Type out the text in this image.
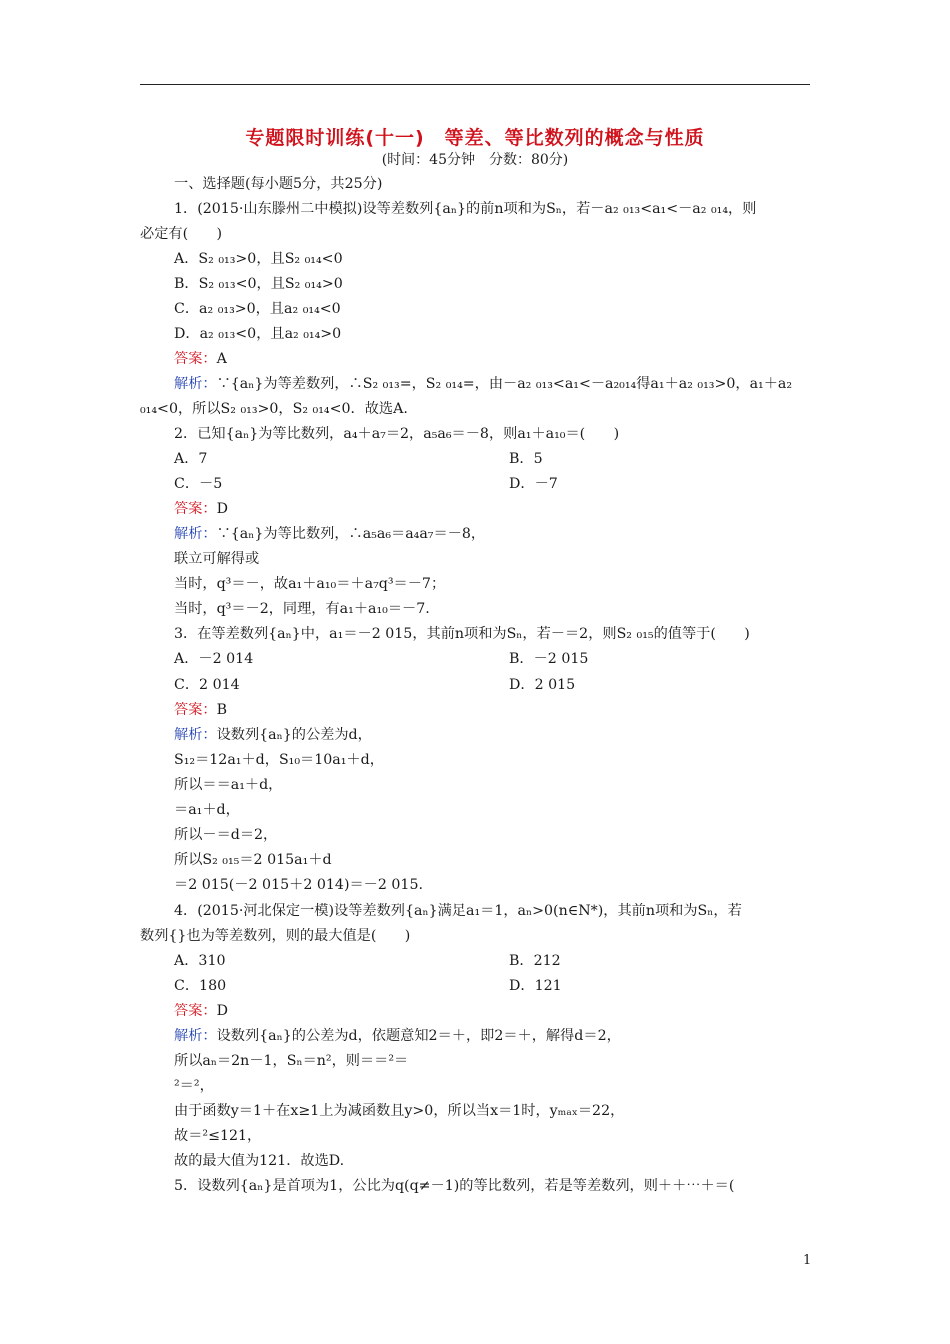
专题限时训练(十一)　等差、等比数列的概念与性质
(时间：45分钟　分数：80分)
一、选择题(每小题5分，共25分)
1．(2015·山东滕州二中模拟)设等差数列{aₙ}的前n项和为Sₙ，若－a₂ ₀₁₃<a₁<－a₂ ₀₁₄，则
必定有(　　)
A．S₂ ₀₁₃>0，且S₂ ₀₁₄<0
B．S₂ ₀₁₃<0，且S₂ ₀₁₄>0
C．a₂ ₀₁₃>0，且a₂ ₀₁₄<0
D．a₂ ₀₁₃<0，且a₂ ₀₁₄>0
答案：A
解析：∵{aₙ}为等差数列，∴S₂ ₀₁₃=，S₂ ₀₁₄=，由－a₂ ₀₁₃<a₁<－a₂₀₁₄得a₁＋a₂ ₀₁₃>0，a₁＋a₂
₀₁₄<0，所以S₂ ₀₁₃>0，S₂ ₀₁₄<0．故选A.
2．已知{aₙ}为等比数列，a₄＋a₇＝2，a₅a₆＝－8，则a₁＋a₁₀＝(　　)
A．7	B．5
C．－5	D．－7
答案：D
解析：∵{aₙ}为等比数列，∴a₅a₆＝a₄a₇＝－8，
联立可解得或
当时，q³＝－，故a₁＋a₁₀＝＋a₇q³＝－7；
当时，q³＝－2，同理，有a₁＋a₁₀＝－7.
3．在等差数列{aₙ}中，a₁＝－2 015，其前n项和为Sₙ，若－＝2，则S₂ ₀₁₅的值等于(　　)
A．－2 014	B．－2 015
C．2 014	D．2 015
答案：B
解析：设数列{aₙ}的公差为d，
S₁₂＝12a₁＋d，S₁₀＝10a₁＋d，
所以＝＝a₁＋d，
＝a₁＋d，
所以－＝d＝2，
所以S₂ ₀₁₅＝2 015a₁＋d
＝2 015(－2 015＋2 014)＝－2 015.
4．(2015·河北保定一模)设等差数列{aₙ}满足a₁＝1，aₙ>0(n∈N*)，其前n项和为Sₙ，若
数列{}也为等差数列，则的最大值是(　　)
A．310	B．212
C．180	D．121
答案：D
解析：设数列{aₙ}的公差为d，依题意知2＝＋，即2＝＋，解得d＝2，
所以aₙ＝2n－1，Sₙ＝n²，则＝＝²＝
²＝²，
由于函数y＝1＋在x≥1上为减函数且y>0，所以当x＝1时，yₘₐₓ＝22，
故＝²≤121，
故的最大值为121．故选D.
5．设数列{aₙ}是首项为1，公比为q(q≠－1)的等比数列，若是等差数列，则＋＋⋯＋＝(
1
